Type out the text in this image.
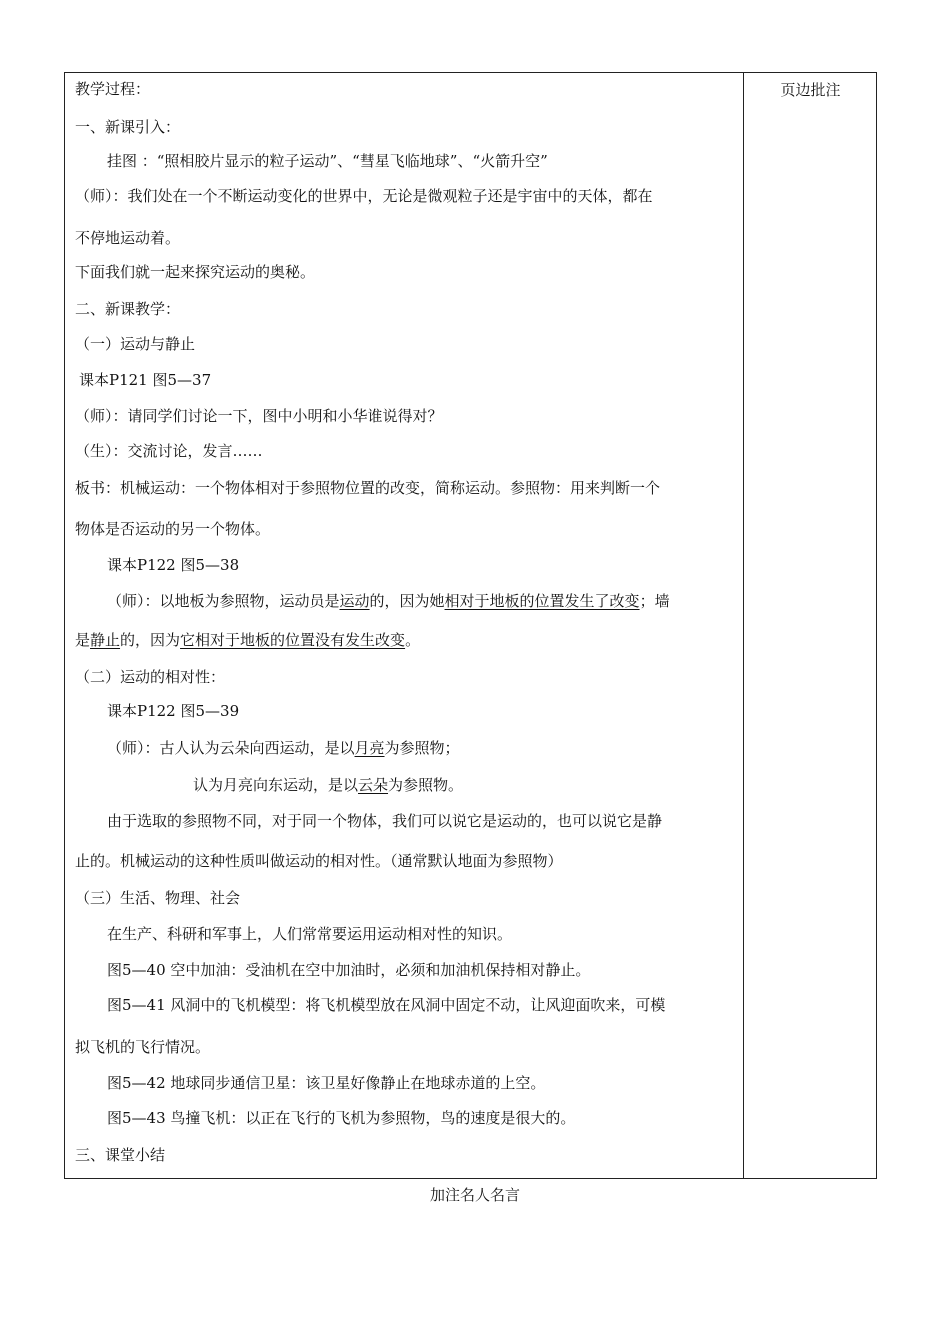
教学过程：
一、新课引入：
挂图 ：“照相胶片显示的粒子运动”、“彗星飞临地球”、“火箭升空”
（师）：我们处在一个不断运动变化的世界中，无论是微观粒子还是宇宙中的天体，都在
不停地运动着。
下面我们就一起来探究运动的奥秘。
二、新课教学：
（一）运动与静止
课本P121 图5—37
（师）：请同学们讨论一下，图中小明和小华谁说得对？
（生）：交流讨论，发言……
板书：机械运动：一个物体相对于参照物位置的改变，简称运动。参照物：用来判断一个
物体是否运动的另一个物体。
课本P122 图5—38
（师）：以地板为参照物，运动员是运动的，因为她相对于地板的位置发生了改变；墙
是静止的，因为它相对于地板的位置没有发生改变。
（二）运动的相对性：
课本P122 图5—39
（师）：古人认为云朵向西运动，是以月亮为参照物；
认为月亮向东运动，是以云朵为参照物。
由于选取的参照物不同，对于同一个物体，我们可以说它是运动的，也可以说它是静
止的。机械运动的这种性质叫做运动的相对性。（通常默认地面为参照物）
（三）生活、物理、社会
在生产、科研和军事上，人们常常要运用运动相对性的知识。
图5—40 空中加油：受油机在空中加油时，必须和加油机保持相对静止。
图5—41 风洞中的飞机模型：将飞机模型放在风洞中固定不动，让风迎面吹来，可模
拟飞机的飞行情况。
图5—42 地球同步通信卫星：该卫星好像静止在地球赤道的上空。
图5—43 鸟撞飞机：以正在飞行的飞机为参照物，鸟的速度是很大的。
三、课堂小结
页边批注
加注名人名言
